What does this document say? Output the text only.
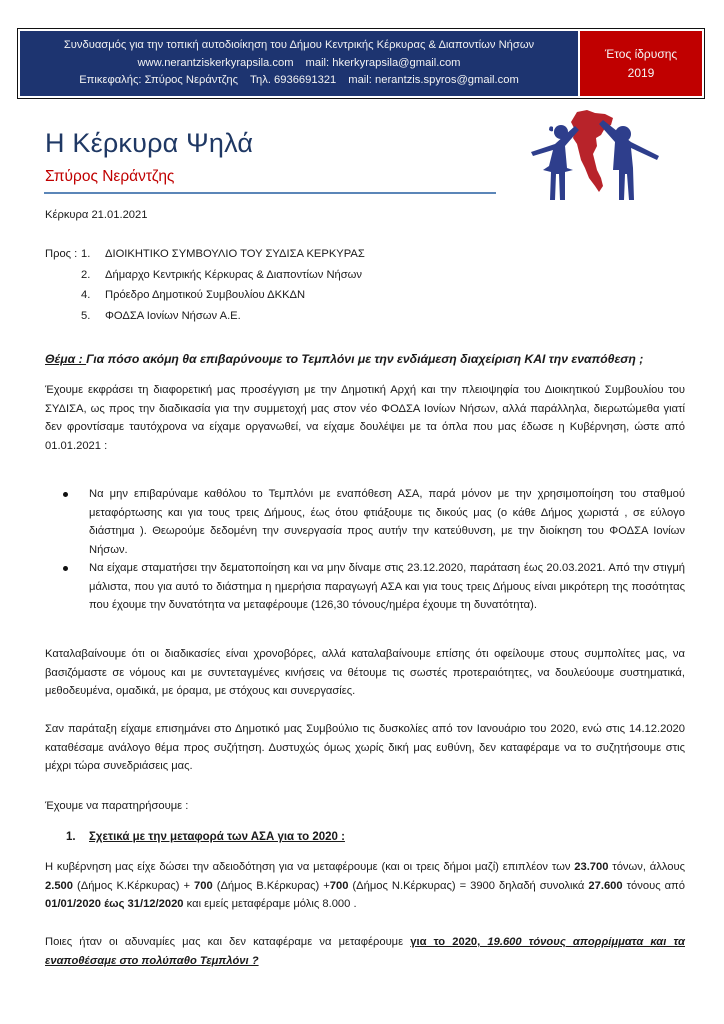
Συνδυασμός για την τοπική αυτοδιοίκηση του Δήμου Κεντρικής Κέρκυρας & Διαποντίων Νήσων
www.nerantziskerkyrapsila.com mail: hkerkyrapsila@gmail.com
Επικεφαλής: Σπύρος Νεράντζης Τηλ. 6936691321 mail: nerantzis.spyros@gmail.com
Έτος ίδρυσης
2019
Η Κέρκυρα Ψηλά
Σπύρος Νεράντζης
Κέρκυρα 21.01.2021
Προς : 1.	ΔΙΟΙΚΗΤΙΚΟ ΣΥΜΒΟΥΛΙΟ ΤΟΥ ΣΥΔΙΣΑ ΚΕΡΚΥΡΑΣ
2.	Δήμαρχο Κεντρικής Κέρκυρας & Διαποντίων Νήσων
4.	Πρόεδρο Δημοτικού Συμβουλίου ΔΚΚΔΝ
5.	ΦΟΔΣΑ Ιονίων Νήσων Α.Ε.
Θέμα : Για πόσο ακόμη θα επιβαρύνουμε το Τεμπλόνι με την ενδιάμεση διαχείριση ΚΑΙ την εναπόθεση ;
Έχουμε εκφράσει τη διαφορετική μας προσέγγιση με την Δημοτική Αρχή και την πλειοψηφία του Διοικητικού Συμβουλίου του ΣΥΔΙΣΑ, ως προς την διαδικασία για την συμμετοχή μας στον νέο ΦΟΔΣΑ Ιονίων Νήσων, αλλά παράλληλα, διερωτώμεθα γιατί δεν φροντίσαμε ταυτόχρονα να είχαμε οργανωθεί, να είχαμε δουλέψει με τα όπλα που μας έδωσε η Κυβέρνηση, ώστε από 01.01.2021 :
Να μην επιβαρύναμε καθόλου το Τεμπλόνι με εναπόθεση ΑΣΑ, παρά μόνον με την χρησιμοποίηση του σταθμού μεταφόρτωσης και για τους τρεις Δήμους, έως ότου φτιάξουμε τις δικούς μας (ο κάθε Δήμος χωριστά , σε εύλογο διάστημα ). Θεωρούμε δεδομένη την συνεργασία προς αυτήν την κατεύθυνση, με την διοίκηση του ΦΟΔΣΑ Ιονίων Νήσων.
Να είχαμε σταματήσει την δεματοποίηση και να μην δίναμε στις 23.12.2020, παράταση έως 20.03.2021. Από την στιγμή μάλιστα, που για αυτό το διάστημα η ημερήσια παραγωγή ΑΣΑ και για τους τρεις Δήμους είναι μικρότερη της ποσότητας που έχουμε την δυνατότητα να μεταφέρουμε (126,30 τόνους/ημέρα έχουμε τη δυνατότητα).
Καταλαβαίνουμε ότι οι διαδικασίες είναι χρονοβόρες, αλλά καταλαβαίνουμε επίσης ότι οφείλουμε στους συμπολίτες μας, να βασιζόμαστε σε νόμους και με συντεταγμένες κινήσεις να θέτουμε τις σωστές προτεραιότητες, να δουλεύουμε συστηματικά, μεθοδευμένα, ομαδικά, με όραμα, με στόχους και συνεργασίες.
Σαν παράταξη είχαμε επισημάνει στο Δημοτικό μας Συμβούλιο τις δυσκολίες από τον Ιανουάριο του 2020, ενώ στις 14.12.2020 καταθέσαμε ανάλογο θέμα προς συζήτηση. Δυστυχώς όμως χωρίς δική μας ευθύνη, δεν καταφέραμε να το συζητήσουμε στις μέχρι τώρα συνεδριάσεις μας.
Έχουμε να παρατηρήσουμε :
1. Σχετικά με την μεταφορά των ΑΣΑ για το 2020 :
Η κυβέρνηση μας είχε δώσει την αδειοδότηση για να μεταφέρουμε (και οι τρεις δήμοι μαζί) επιπλέον των 23.700 τόνων, άλλους 2.500 (Δήμος Κ.Κέρκυρας) + 700 (Δήμος Β.Κέρκυρας) +700 (Δήμος Ν.Κέρκυρας) = 3900 δηλαδή συνολικά 27.600 τόνους από 01/01/2020 έως 31/12/2020 και εμείς μεταφέραμε μόλις 8.000 .
Ποιες ήταν οι αδυναμίες μας και δεν καταφέραμε να μεταφέρουμε για το 2020, 19.600 τόνους απορρίμματα και τα εναποθέσαμε στο πολύπαθο Τεμπλόνι ?
